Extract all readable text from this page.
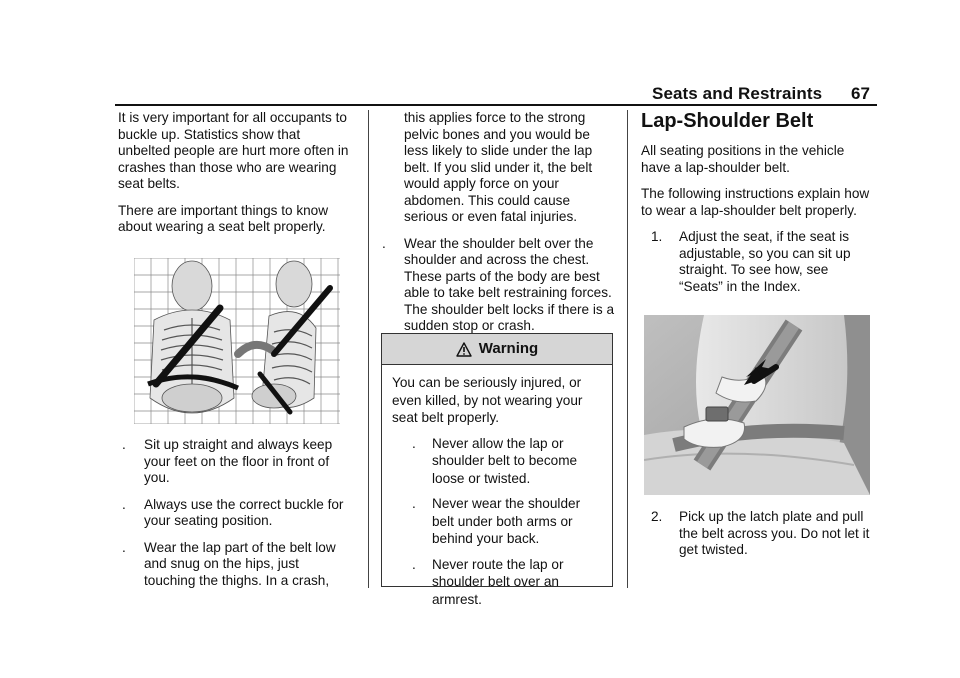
Seats and Restraints 67

It is very important for all occupants to buckle up. Statistics show that unbelted people are hurt more often in crashes than those who are wearing seat belts.

There are important things to know about wearing a seat belt properly.

. Sit up straight and always keep your feet on the floor in front of you.
. Always use the correct buckle for your seating position.
. Wear the lap part of the belt low and snug on the hips, just touching the thighs. In a crash,

this applies force to the strong pelvic bones and you would be less likely to slide under the lap belt. If you slid under it, the belt would apply force on your abdomen. This could cause serious or even fatal injuries.

. Wear the shoulder belt over the shoulder and across the chest. These parts of the body are best able to take belt restraining forces. The shoulder belt locks if there is a sudden stop or crash.
Warning

You can be seriously injured, or even killed, by not wearing your seat belt properly.

. Never allow the lap or shoulder belt to become loose or twisted.
. Never wear the shoulder belt under both arms or behind your back.
. Never route the lap or shoulder belt over an armrest.
Lap-Shoulder Belt

All seating positions in the vehicle have a lap-shoulder belt.

The following instructions explain how to wear a lap-shoulder belt properly.

1. Adjust the seat, if the seat is adjustable, so you can sit up straight. To see how, see “Seats” in the Index.
2. Pick up the latch plate and pull the belt across you. Do not let it get twisted.
